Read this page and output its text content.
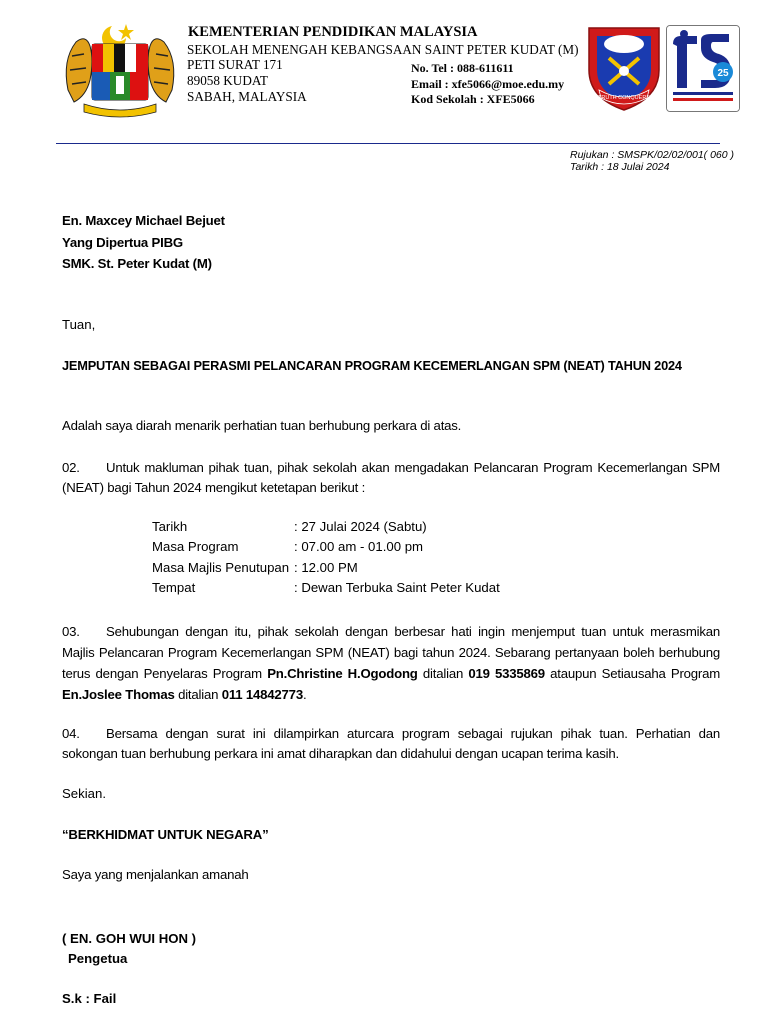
KEMENTERIAN PENDIDIKAN MALAYSIA
SEKOLAH MENENGAH KEBANGSAAN SAINT PETER KUDAT (M)
PETI SURAT 171
89058 KUDAT
SABAH, MALAYSIA
No. Tel : 088-611611
Email : xfe5066@moe.edu.my
Kod Sekolah : XFE5066	TRUTH CONQUERS
25
Rujukan : SMSPK/02/02/001( 060 )
Tarikh : 18 Julai 2024
En. Maxcey Michael Bejuet
Yang Dipertua PIBG
SMK. St. Peter Kudat (M)
Tuan,
JEMPUTAN SEBAGAI PERASMI PELANCARAN PROGRAM KECEMERLANGAN SPM (NEAT) TAHUN 2024
Adalah saya diarah menarik perhatian tuan berhubung perkara di atas.
02. Untuk makluman pihak tuan, pihak sekolah akan mengadakan Pelancaran Program Kecemerlangan SPM (NEAT) bagi Tahun 2024 mengikut ketetapan berikut :
Tarikh	: 27 Julai 2024 (Sabtu)
Masa Program	: 07.00 am - 01.00 pm
Masa Majlis Penutupan : 12.00 PM
Tempat	: Dewan Terbuka Saint Peter Kudat
03. Sehubungan dengan itu, pihak sekolah dengan berbesar hati ingin menjemput tuan untuk merasmikan Majlis Pelancaran Program Kecemerlangan SPM (NEAT) bagi tahun 2024. Sebarang pertanyaan boleh berhubung terus dengan Penyelaras Program Pn.Christine H.Ogodong ditalian 019 5335869 ataupun Setiausaha Program En.Joslee Thomas ditalian 011 14842773.
04. Bersama dengan surat ini dilampirkan aturcara program sebagai rujukan pihak tuan. Perhatian dan sokongan tuan berhubung perkara ini amat diharapkan dan didahului dengan ucapan terima kasih.
Sekian.
“BERKHIDMAT UNTUK NEGARA”
Saya yang menjalankan amanah
( EN. GOH WUI HON )
Pengetua
S.k : Fail
